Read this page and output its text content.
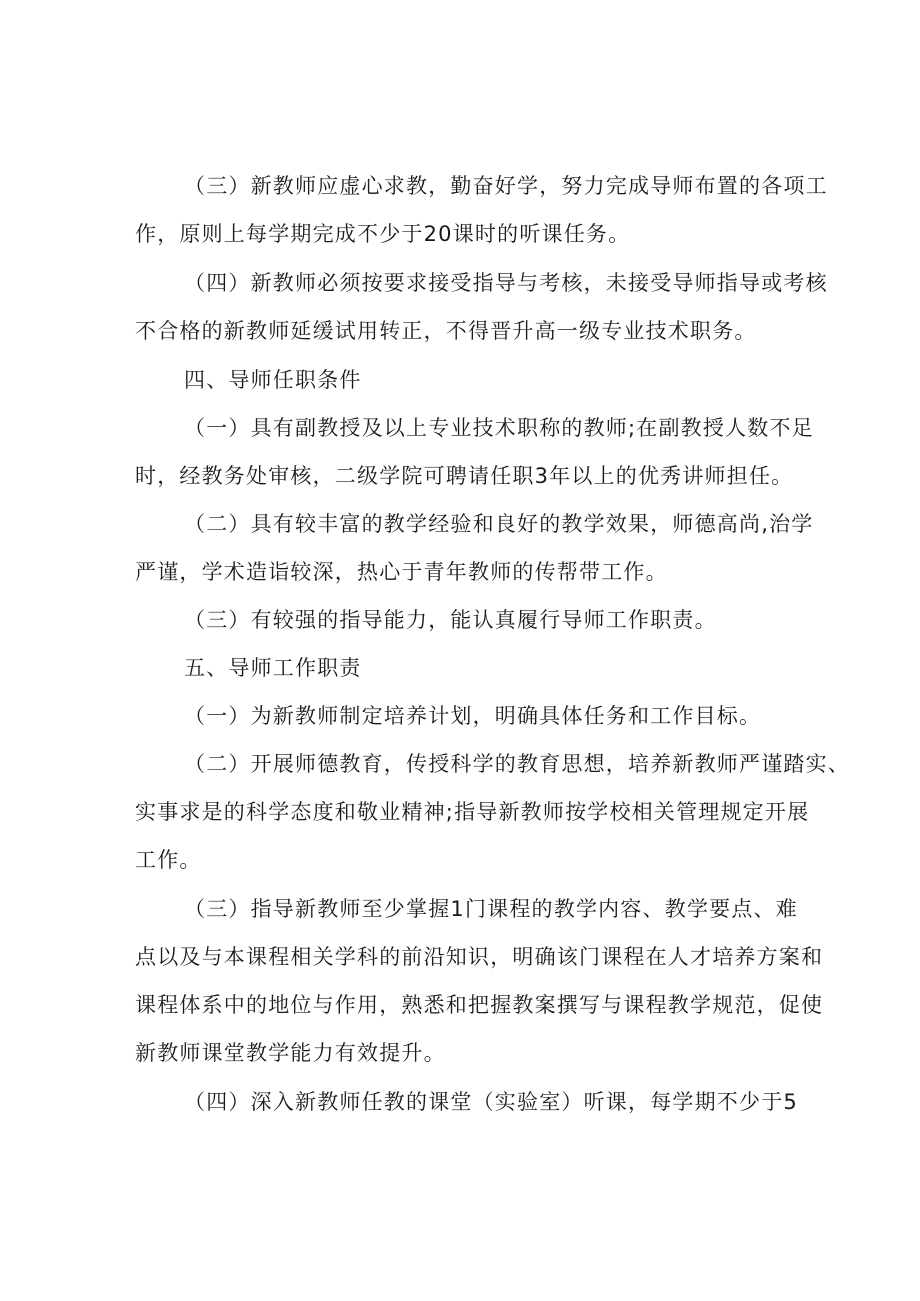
（三）新教师应虚心求教，勤奋好学，努力完成导师布置的各项工
作，原则上每学期完成不少于20课时的听课任务。
（四）新教师必须按要求接受指导与考核，未接受导师指导或考核
不合格的新教师延缓试用转正，不得晋升高一级专业技术职务。
四、导师任职条件
（一）具有副教授及以上专业技术职称的教师;在副教授人数不足
时，经教务处审核，二级学院可聘请任职3年以上的优秀讲师担任。
（二）具有较丰富的教学经验和良好的教学效果，师德高尚,治学
严谨，学术造诣较深，热心于青年教师的传帮带工作。
（三）有较强的指导能力，能认真履行导师工作职责。
五、导师工作职责
（一）为新教师制定培养计划，明确具体任务和工作目标。
（二）开展师德教育，传授科学的教育思想，培养新教师严谨踏实、
实事求是的科学态度和敬业精神;指导新教师按学校相关管理规定开展
工作。
（三）指导新教师至少掌握1门课程的教学内容、教学要点、难
点以及与本课程相关学科的前沿知识，明确该门课程在人才培养方案和
课程体系中的地位与作用，熟悉和把握教案撰写与课程教学规范，促使
新教师课堂教学能力有效提升。
（四）深入新教师任教的课堂（实验室）听课，每学期不少于5
